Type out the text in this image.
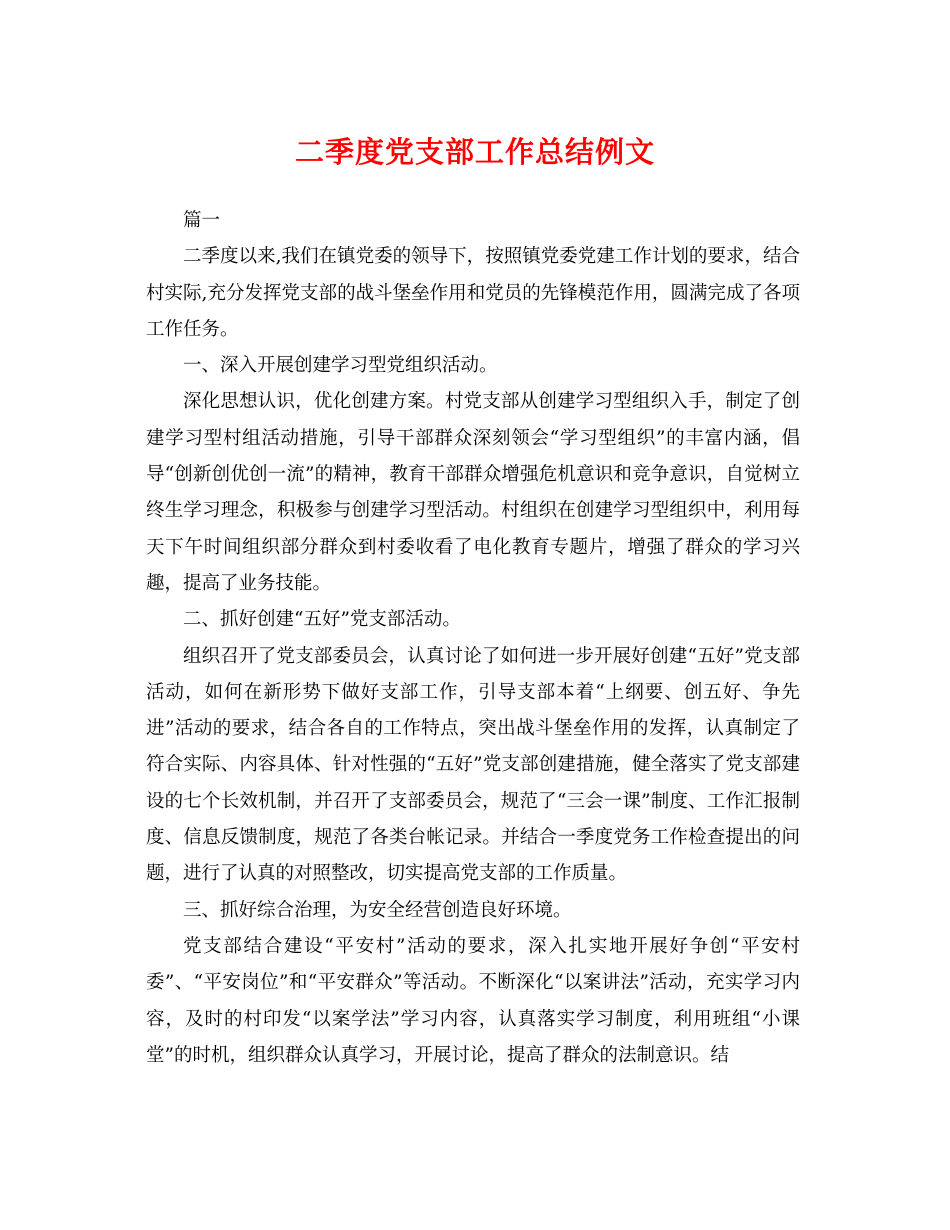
二季度党支部工作总结例文

篇一

二季度以来,我们在镇党委的领导下，按照镇党委党建工作计划的要求，结合村实际,充分发挥党支部的战斗堡垒作用和党员的先锋模范作用，圆满完成了各项工作任务。

一、深入开展创建学习型党组织活动。

深化思想认识，优化创建方案。村党支部从创建学习型组织入手，制定了创建学习型村组活动措施，引导干部群众深刻领会“学习型组织”的丰富内涵，倡导“创新创优创一流”的精神，教育干部群众增强危机意识和竞争意识，自觉树立终生学习理念，积极参与创建学习型活动。村组织在创建学习型组织中，利用每天下午时间组织部分群众到村委收看了电化教育专题片，增强了群众的学习兴趣，提高了业务技能。

二、抓好创建“五好”党支部活动。

组织召开了党支部委员会，认真讨论了如何进一步开展好创建“五好”党支部活动，如何在新形势下做好支部工作，引导支部本着“上纲要、创五好、争先进”活动的要求，结合各自的工作特点，突出战斗堡垒作用的发挥，认真制定了符合实际、内容具体、针对性强的“五好”党支部创建措施，健全落实了党支部建设的七个长效机制，并召开了支部委员会，规范了“三会一课”制度、工作汇报制度、信息反馈制度，规范了各类台帐记录。并结合一季度党务工作检查提出的问题，进行了认真的对照整改，切实提高党支部的工作质量。

三、抓好综合治理，为安全经营创造良好环境。

党支部结合建设“平安村”活动的要求，深入扎实地开展好争创“平安村委”、“平安岗位”和“平安群众”等活动。不断深化“以案讲法”活动，充实学习内容，及时的村印发“以案学法”学习内容，认真落实学习制度，利用班组“小课堂”的时机，组织群众认真学习，开展讨论，提高了群众的法制意识。结
